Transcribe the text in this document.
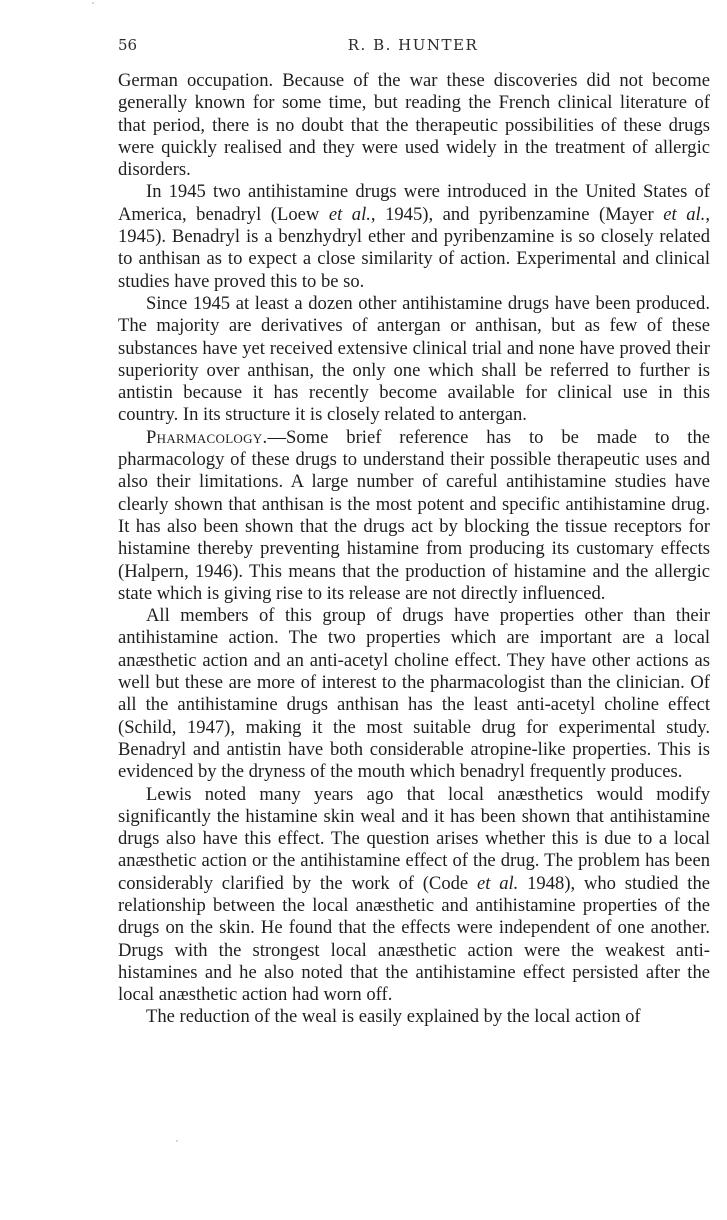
56	R. B. HUNTER

German occupation. Because of the war these discoveries did not become generally known for some time, but reading the French clinical literature of that period, there is no doubt that the therapeutic possibilities of these drugs were quickly realised and they were used widely in the treatment of allergic disorders.

In 1945 two antihistamine drugs were introduced in the United States of America, benadryl (Loew et al., 1945), and pyribenzamine (Mayer et al., 1945). Benadryl is a benzhydryl ether and pyribenzamine is so closely related to anthisan as to expect a close similarity of action. Experimental and clinical studies have proved this to be so.

Since 1945 at least a dozen other antihistamine drugs have been produced. The majority are derivatives of antergan or anthisan, but as few of these substances have yet received extensive clinical trial and none have proved their superiority over anthisan, the only one which shall be referred to further is antistin because it has recently become available for clinical use in this country. In its structure it is closely related to antergan.

Pharmacology.—Some brief reference has to be made to the pharmacology of these drugs to understand their possible therapeutic uses and also their limitations. A large number of careful antihistamine studies have clearly shown that anthisan is the most potent and specific antihistamine drug. It has also been shown that the drugs act by blocking the tissue receptors for histamine thereby preventing histamine from producing its customary effects (Halpern, 1946). This means that the production of histamine and the allergic state which is giving rise to its release are not directly influenced.

All members of this group of drugs have properties other than their antihistamine action. The two properties which are important are a local anæsthetic action and an anti-acetyl choline effect. They have other actions as well but these are more of interest to the pharmacologist than the clinician. Of all the antihistamine drugs anthisan has the least anti-acetyl choline effect (Schild, 1947), making it the most suitable drug for experimental study. Benadryl and antistin have both considerable atropine-like properties. This is evidenced by the dryness of the mouth which benadryl frequently produces.

Lewis noted many years ago that local anæsthetics would modify significantly the histamine skin weal and it has been shown that antihistamine drugs also have this effect. The question arises whether this is due to a local anæsthetic action or the antihistamine effect of the drug. The problem has been considerably clarified by the work of (Code et al. 1948), who studied the relationship between the local anæsthetic and antihistamine properties of the drugs on the skin. He found that the effects were independent of one another. Drugs with the strongest local anæsthetic action were the weakest anti-histamines and he also noted that the antihistamine effect persisted after the local anæsthetic action had worn off.

The reduction of the weal is easily explained by the local action of
